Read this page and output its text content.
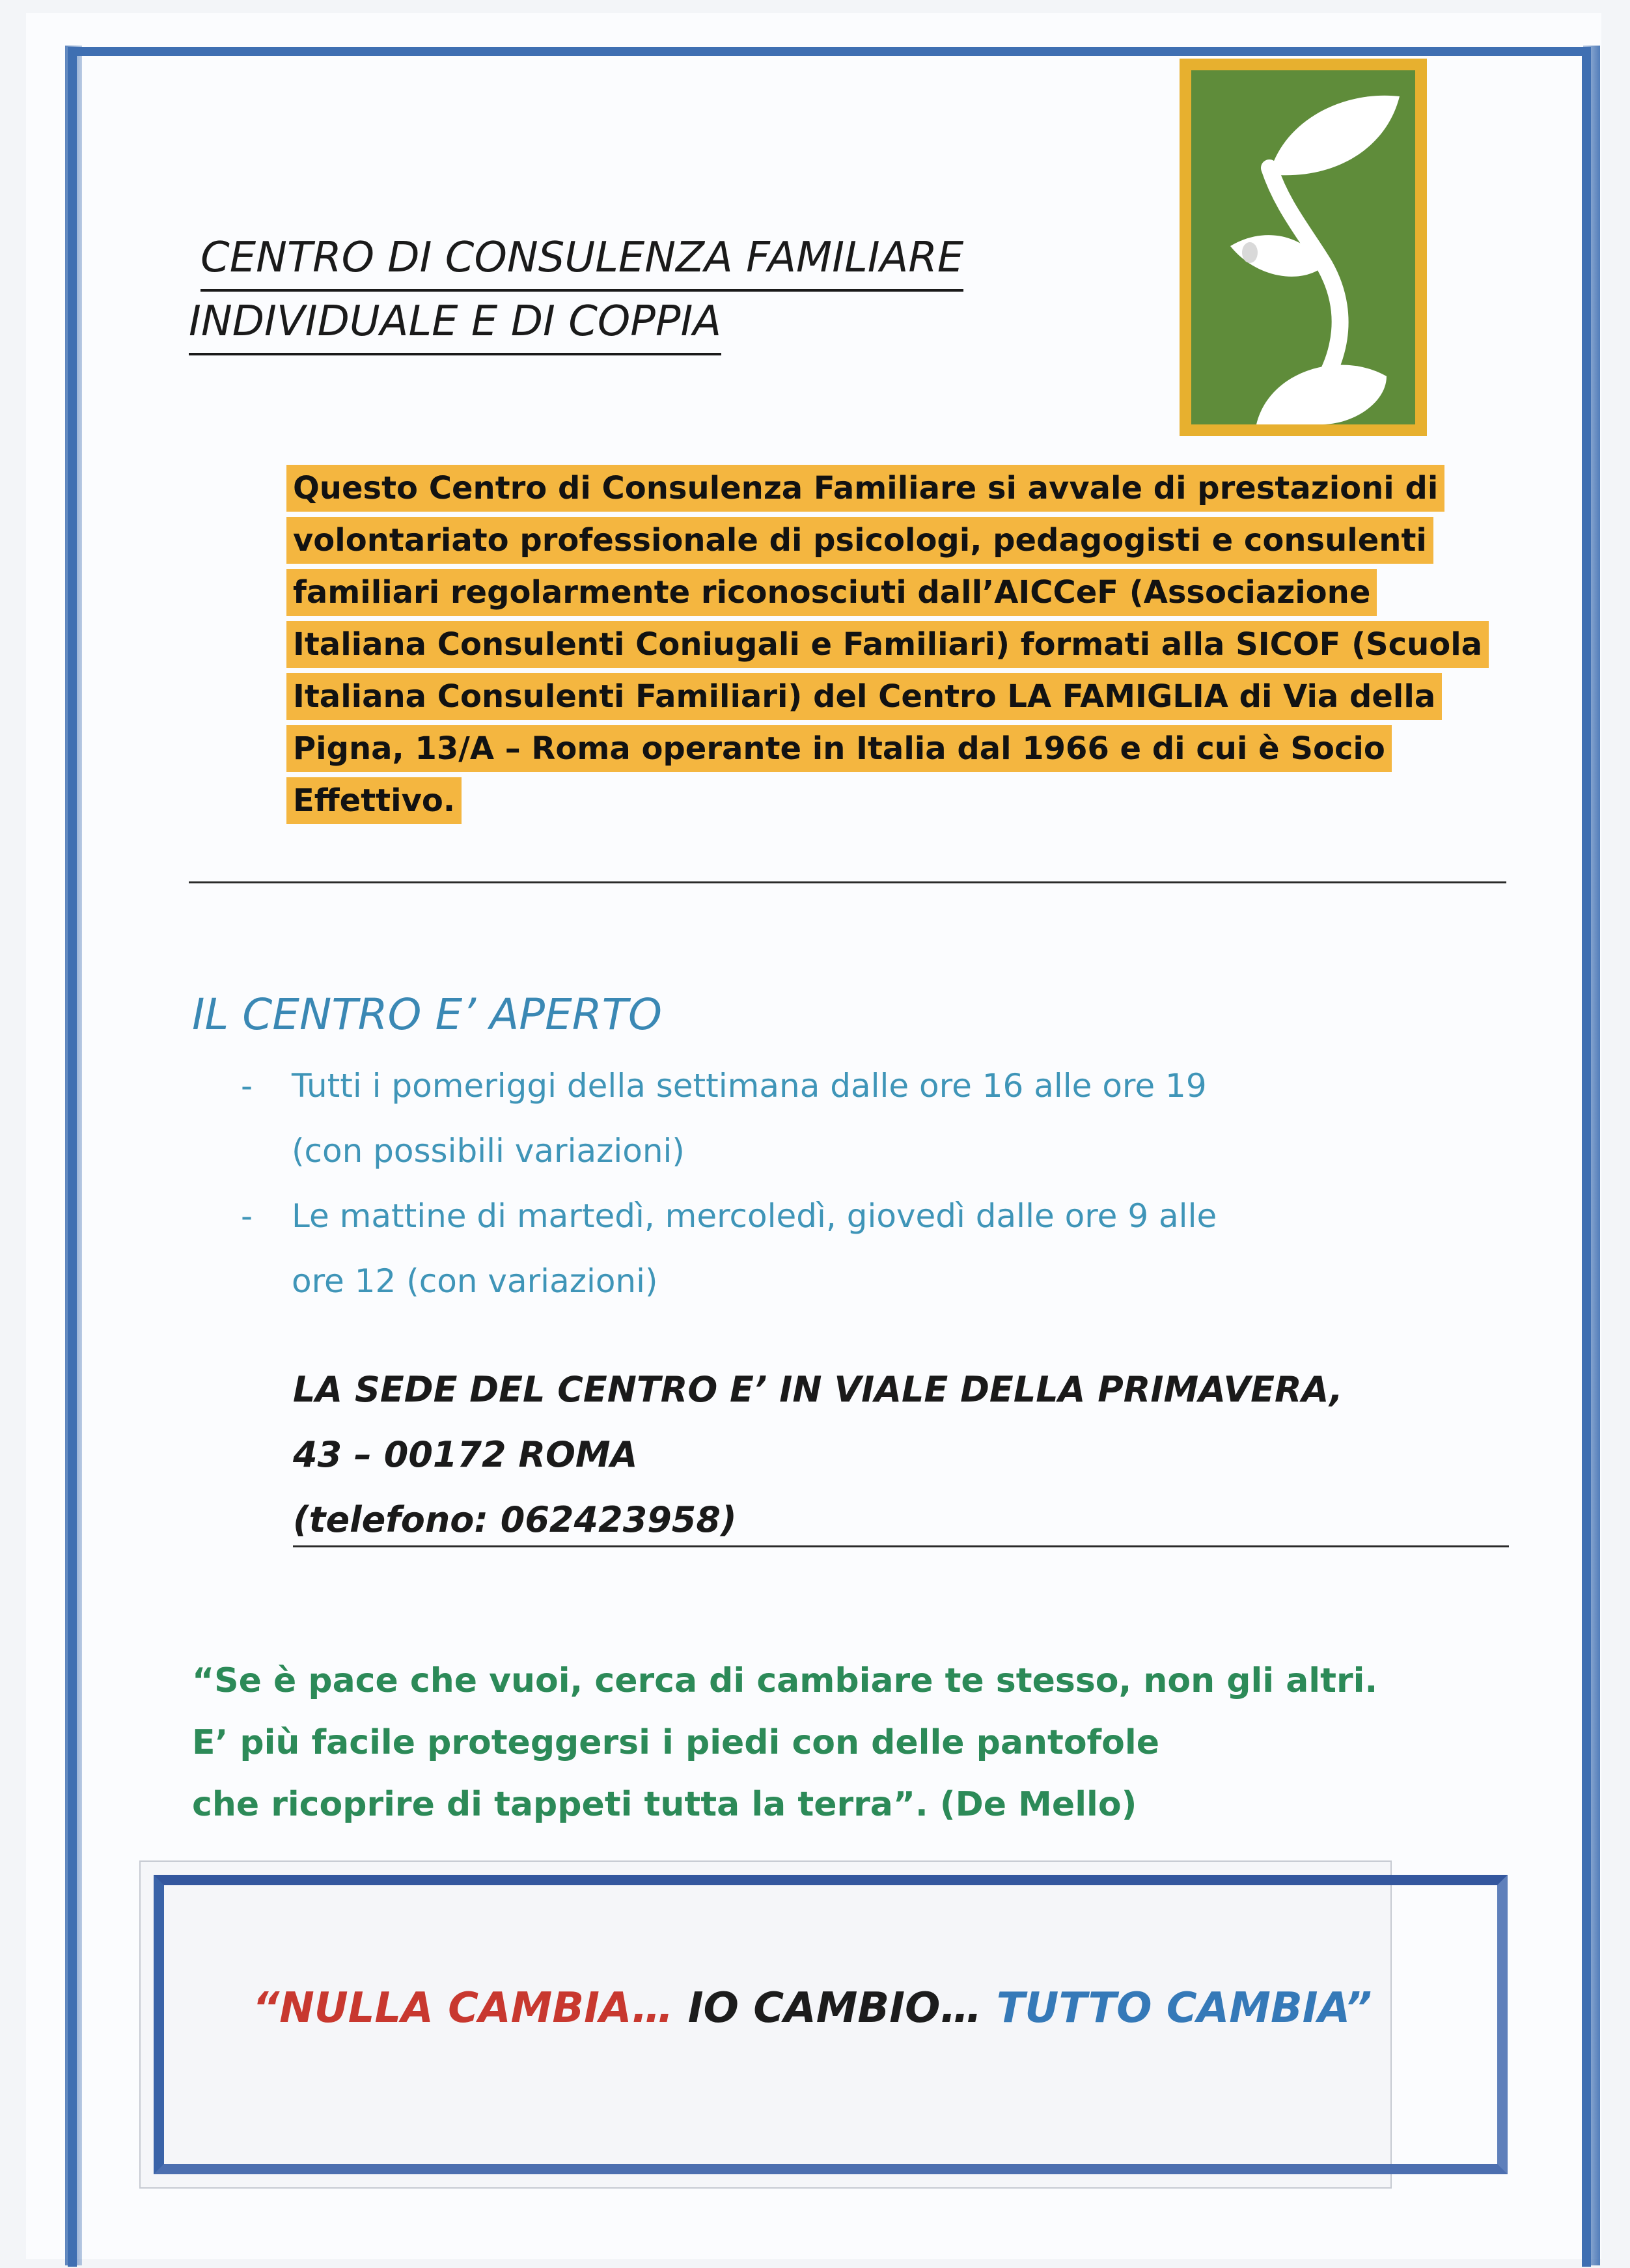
CENTRO DI CONSULENZA FAMILIARE
INDIVIDUALE E DI COPPIA
Questo Centro di Consulenza Familiare si avvale di prestazioni di
volontariato professionale di psicologi, pedagogisti e consulenti
familiari regolarmente riconosciuti dall’AICCeF (Associazione
Italiana Consulenti Coniugali e Familiari) formati alla SICOF (Scuola
Italiana Consulenti Familiari) del Centro LA FAMIGLIA di Via della
Pigna, 13/A – Roma operante in Italia dal 1966 e di cui è Socio
Effettivo.
IL CENTRO E’ APERTO
- Tutti i pomeriggi della settimana dalle ore 16 alle ore 19
(con possibili variazioni)
- Le mattine di martedì, mercoledì, giovedì dalle ore 9 alle
ore 12 (con variazioni)
LA SEDE DEL CENTRO E’ IN VIALE DELLA PRIMAVERA,
43 – 00172 ROMA
(telefono: 062423958)
“Se è pace che vuoi, cerca di cambiare te stesso, non gli altri.
E’ più facile proteggersi i piedi con delle pantofole
che ricoprire di tappeti tutta la terra”. (De Mello)
“NULLA CAMBIA… IO CAMBIO… TUTTO CAMBIA”
